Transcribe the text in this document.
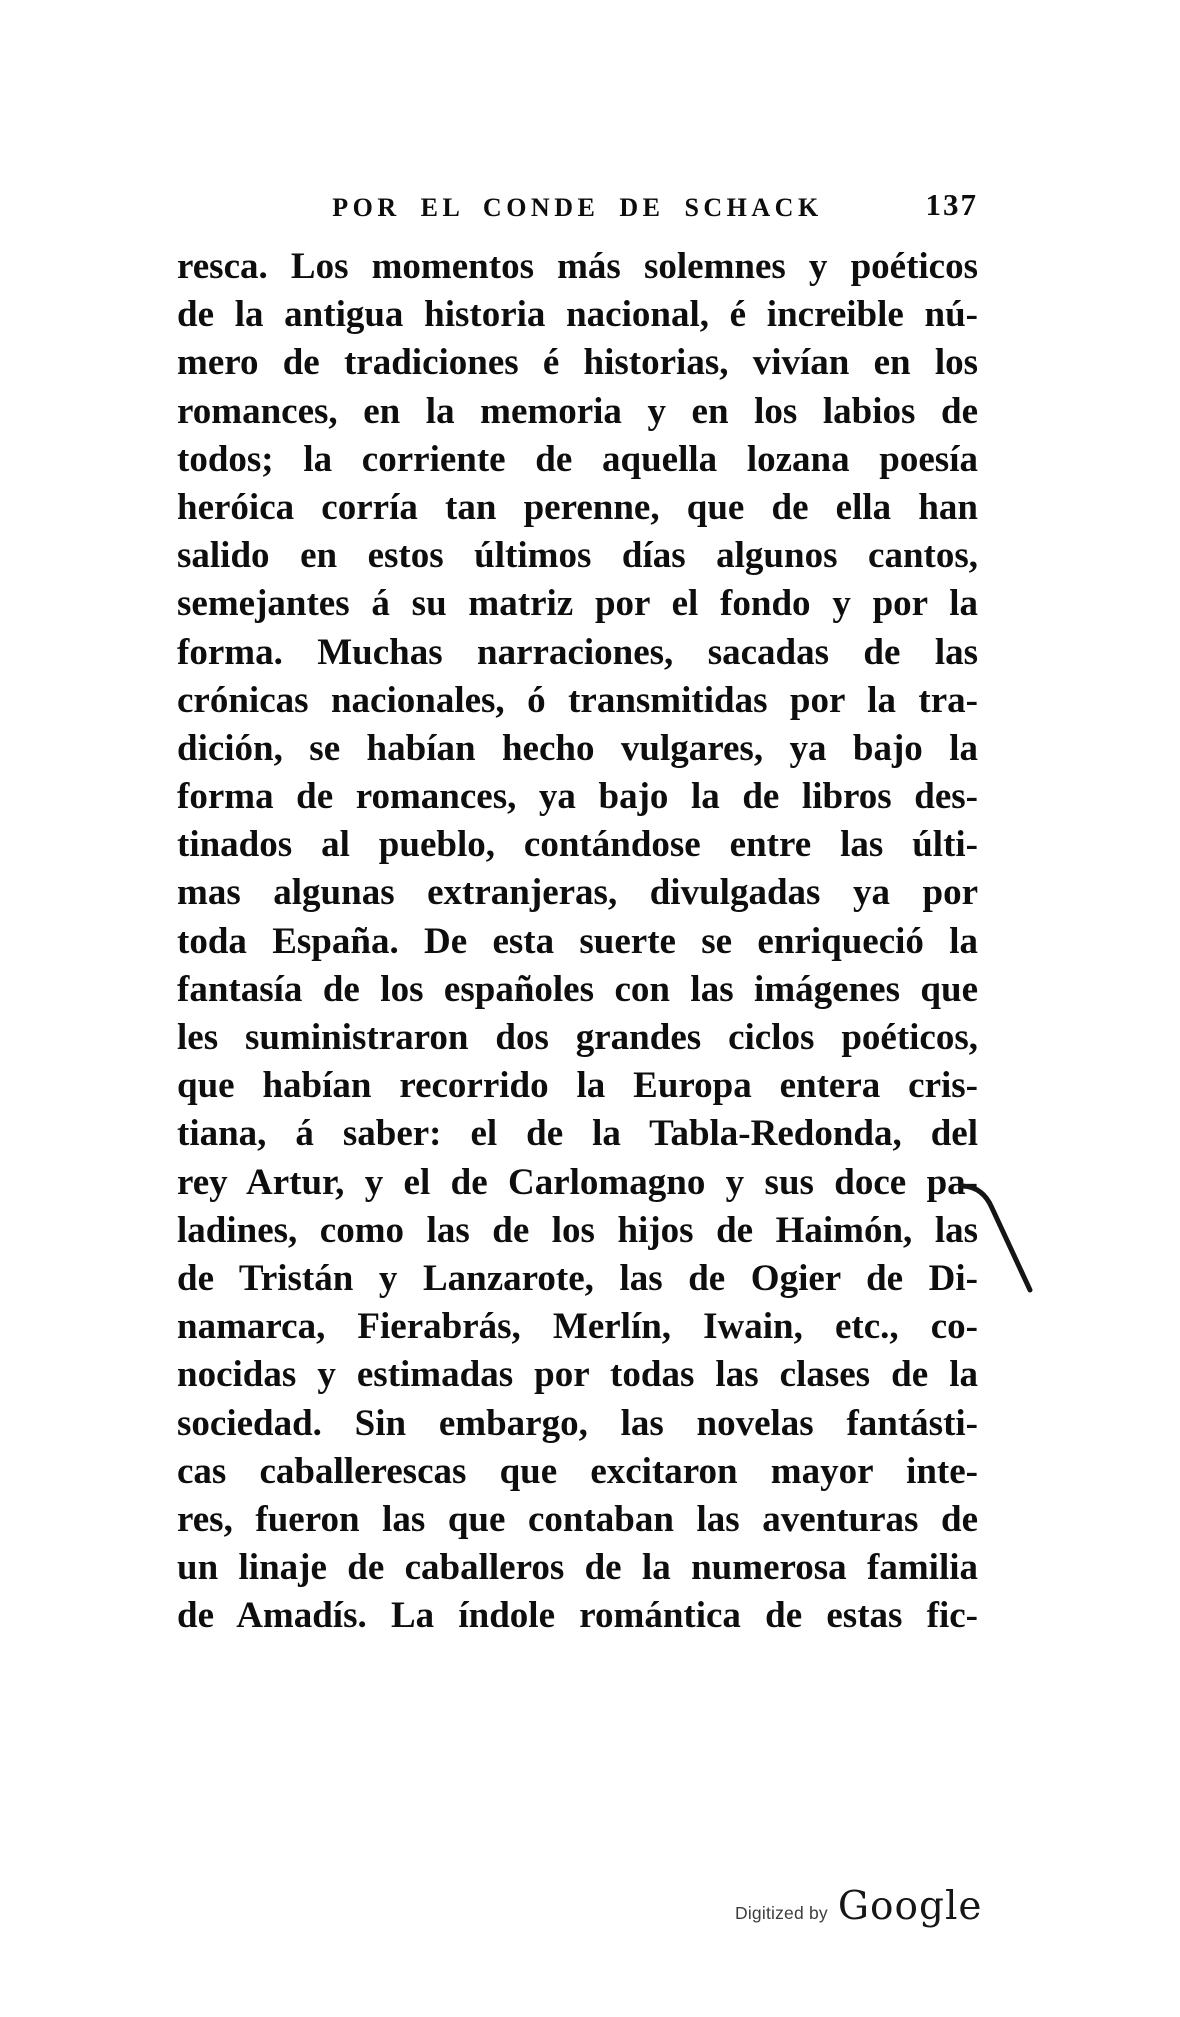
POR EL CONDE DE SCHACK	137
resca. Los momentos más solemnes y poéticos
de la antigua historia nacional, é increible nú-
mero de tradiciones é historias, vivían en los
romances, en la memoria y en los labios de
todos; la corriente de aquella lozana poesía
heróica corría tan perenne, que de ella han
salido en estos últimos días algunos cantos,
semejantes á su matriz por el fondo y por la
forma. Muchas narraciones, sacadas de las
crónicas nacionales, ó transmitidas por la tra-
dición, se habían hecho vulgares, ya bajo la
forma de romances, ya bajo la de libros des-
tinados al pueblo, contándose entre las últi-
mas algunas extranjeras, divulgadas ya por
toda España. De esta suerte se enriqueció la
fantasía de los españoles con las imágenes que
les suministraron dos grandes ciclos poéticos,
que habían recorrido la Europa entera cris-
tiana, á saber: el de la Tabla-Redonda, del
rey Artur, y el de Carlomagno y sus doce pa-
ladines, como las de los hijos de Haimón, las
de Tristán y Lanzarote, las de Ogier de Di-
namarca, Fierabrás, Merlín, Iwain, etc., co-
nocidas y estimadas por todas las clases de la
sociedad. Sin embargo, las novelas fantásti-
cas caballerescas que excitaron mayor inte-
res, fueron las que contaban las aventuras de
un linaje de caballeros de la numerosa familia
de Amadís. La índole romántica de estas fic-
Digitized by Google
